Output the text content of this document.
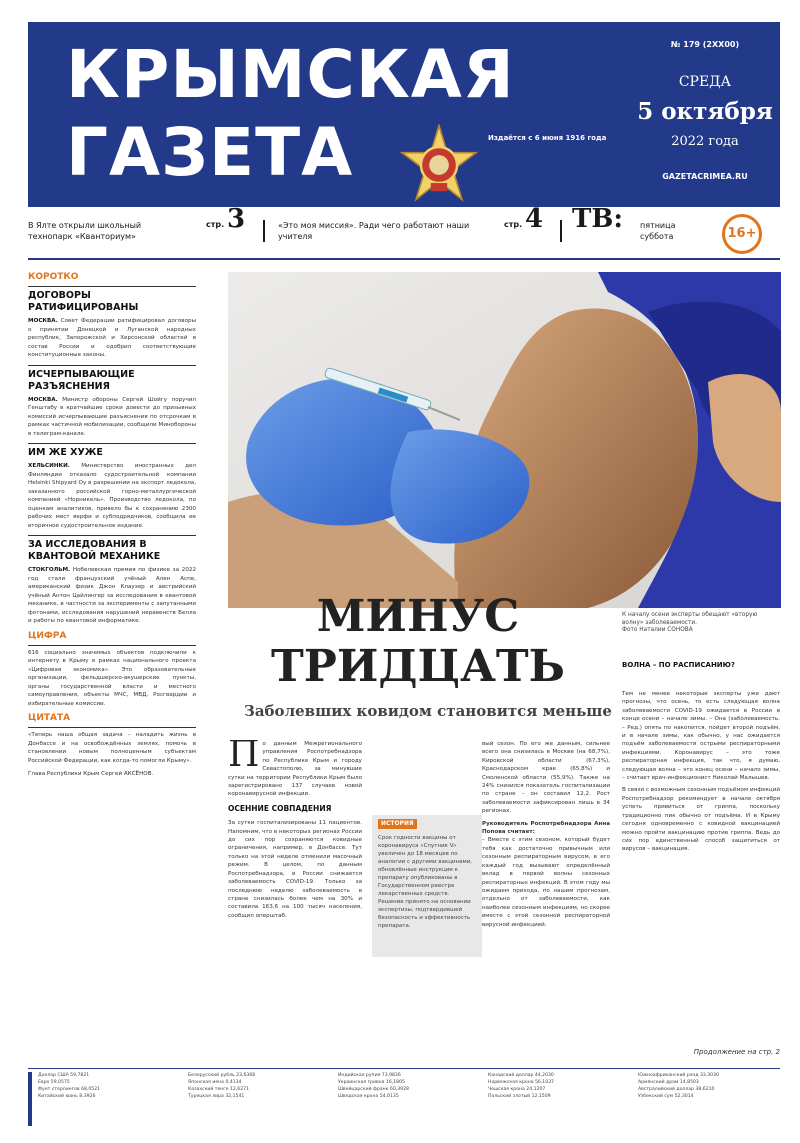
КРЫМСКАЯ
ГАЗЕТА	Издаётся с 6 июня 1916 года
№ 179 (2XX00)
СРЕДА
5 октября
2022 года
GAZETACRIMEA.RU
В Ялте открыли школьный технопарк «Кванториум»
стр. 3	«Это моя миссия». Ради чего работают наши учителя
стр. 4 ТВ: пятница суббота	16+
КОРОТКО
ДОГОВОРЫ РАТИФИЦИРОВАНЫ
МОСКВА. Совет Федерации ратифицировал договоры о принятии Донецкой и Луганской народных республик, Запорожской и Херсонской областей в состав России и одобрил соответствующие конституционные законы.
ИСЧЕРПЫВАЮЩИЕ РАЗЪЯСНЕНИЯ
МОСКВА. Министр обороны Сергей Шойгу поручил Генштабу в кратчайшие сроки довести до призывных комиссий исчерпывающие разъяснения по отсрочкам в рамках частичной мобилизации, сообщили Минобороны в телеграм-канале.
ИМ ЖЕ ХУЖЕ
ХЕЛЬСИНКИ. Министерство иностранных дел Финляндии отказало судостроительной компании Helsinki Shipyard Oy в разрешении на экспорт ледокола, заказанного российской горно-металлургической компанией «Норникель». Производство ледокола, по оценкам аналитиков, привело бы к сохранению 2300 рабочих мест верфи и субподрядчиков, сообщила ее вторичное судостроительное издание.
ЗА ИССЛЕДОВАНИЯ В КВАНТОВОЙ МЕХАНИКЕ
СТОКГОЛЬМ. Нобелевская премия по физике за 2022 год стали французский учёный Ален Аспе, американский физик Джон Клаузер и австрийский учёный Антон Цайлингер за исследования в квантовой механике, в частности за эксперименты с запутанными фотонами, исследования нарушений неравенств Белла и работы по квантовой информатике.
ЦИФРА
616 социально значимых объектов подключили к интернету в Крыму в рамках национального проекта «Цифровая экономика». Это образовательные организации, фельдшерско-акушерские пункты, органы государственной власти и местного самоуправления, объекты МЧС, МВД, Росгвардии и избирательные комиссии.
ЦИТАТА
«Теперь наша общая задача – наладить жизнь в Донбассе и на освобождённых землях, помочь в становлении новым полноценным субъектам Российской Федерации, как когда-то помогли Крыму».
Глава Республики Крым Сергей АКСЁНОВ.
К началу осени эксперты обещают «вторую волну» заболеваемости.
Фото Наталии СОНОВА
МИНУС
ТРИДЦАТЬ
Заболевших ковидом становится меньше
П о данным Межрегионального управления Роспотребнадзора по Республике Крым и городу Севастополю, за минувшие сутки на территории Республики Крым было зарегистрировано 137 случаев новой коронавирусной инфекции.
ОСЕННИЕ СОВПАДЕНИЯ
За сутки госпитализированы 11 пациентов. Напомним, что в некоторых регионах России до сих пор сохраняются ковидные ограничения, например, в Донбассе. Тут только на этой неделе отменили масочный режим. В целом, по данным Роспотребнадзора, в России снижается заболеваемость COVID-19. Только за последнюю неделю заболеваемость в стране снизилась более чем на 30% и составила 163,6 на 100 тысяч населения, сообщил оперштаб.
ИСТОРИЯ
Срок годности вакцины от коронавируса «Спутник V» увеличен до 18 месяцев по аналогии с другими вакцинами, обновлённые инструкции к препарату опубликованы в Государственном реестре лекарственных средств. Решение принято на основании экспертизы, подтвердившей безопасность и эффективность препарата.
вый сезон. По его же данным, сильнее всего она снизилась в Москве (на 68,7%), Кировской области (67,3%), Краснодарском крае (65,8%) и Смоленской области (55,9%). Также на 24% снизился показатель госпитализации по стране – он составил 12,2. Рост заболеваемости зафиксирован лишь в 34 регионах.
Руководитель Роспотребнадзора Анна Попова считает:
– Вместе с этим сезоном, который будет тебя как достаточно привычным или сезонным респираторным вирусом, в его каждый год вызывают определённый вклад в первой волны сезонных респираторных инфекций. В этом году мы ожидаем прихода, по нашим прогнозам, отдельно от заболеваемости, как наиболее сезонным инфекциям, но скорее вместе с этой сезонной респираторной вирусной инфекцией.
ВОЛНА – ПО РАСПИСАНИЮ?
Тем не менее некоторые эксперты уже дают прогнозы, что осень, то есть следующая волна заболеваемости COVID-19 ожидается в России в конце осени – начале зимы. – Она (заболеваемость. – Ред.) опять по накопится, пойдет второй подъём, и в начале зимы, как обычно, у нас ожидается подъём заболеваемости острыми респираторными инфекциями. Коронавирус – это тоже респираторная инфекция, так что, я думаю, следующая волна – это конец осени – начало зимы, – считает врач-инфекционист Николай Малышев.
В связи с возможным сезонным подъёмом инфекций Роспотребнадзор рекомендует в начале октября успеть привиться от гриппа, поскольку традиционно пик обычно от подъёма. И в Крыму сегодня одновременно с ковидной вакцинацией можно пройти вакцинацию против гриппа. Ведь до сих пор единственный способ защититься от вирусов – вакцинация.
Продолжение на стр. 2
Доллар США 59,7821
Евро 59,0575
Фунт стерлингов 68,0521
Китайский юань 8,3926
Белорусский рубль 23,6368
Японская иена 0,4134
Казахский тенге 12,6271
Турецкая лира 32,1541
Индийская рупия 73,9836
Украинская гривна 16,1805
Швейцарский франк 60,3928
Шведская крона 54,0135
Канадский доллар 44,2030
Норвежская крона 56,1037
Чешская крона 24,1207
Польский злотый 12,1509
Южноафриканский рэнд 33,3030
Армянский драм 14,8503
Австралийский доллар 38,6210
Узбекский сум 52,3014
